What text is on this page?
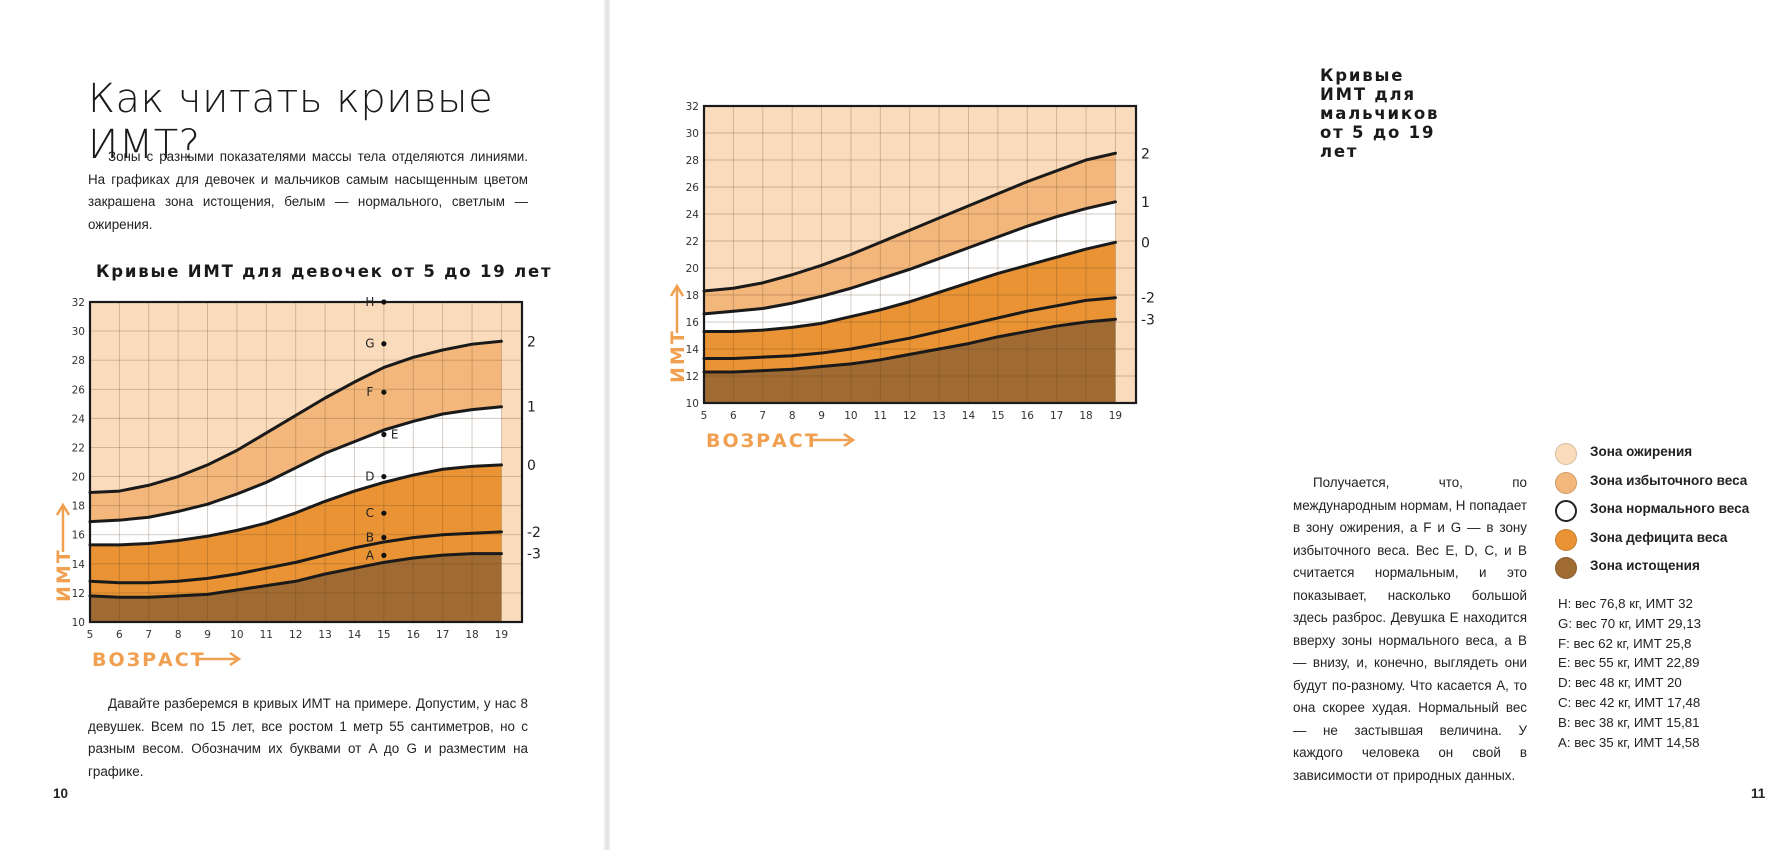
Как читать кривые ИМТ?

Зоны с разными показателями массы тела отделяются линиями. На графиках для девочек и мальчиков самым насыщенным цветом закрашена зона истощения, белым — нормального, светлым — ожирения.

Кривые ИМТ для девочек от 5 до 19 лет

Давайте разберемся в кривых ИМТ на примере. Допустим, у нас 8 девушек. Всем по 15 лет, все ростом 1 метр 55 сантиметров, но с разным весом. Обозначим их буквами от A до G и разместим на графике.

10
Кривые ИМТ для мальчиков от 5 до 19 лет

Получается, что, по международным нормам, H попадает в зону ожирения, а F и G — в зону избыточного веса. Вес E, D, C, и B считается нормальным, и это показывает, насколько большой здесь разброс. Девушка E находится вверху зоны нормального веса, а B — внизу, и, конечно, выглядеть они будут по-разному. Что касается A, то она скорее худая. Нормальный вес — не застывшая величина. У каждого человека он свой в зависимости от природных данных.

Зона ожирения
Зона избыточного веса
Зона нормального веса
Зона дефицита веса
Зона истощения
H: вес 76,8 кг, ИМТ 32
G: вес 70 кг, ИМТ 29,13
F: вес 62 кг, ИМТ 25,8
E: вес 55 кг, ИМТ 22,89
D: вес 48 кг, ИМТ 20
C: вес 42 кг, ИМТ 17,48
B: вес 38 кг, ИМТ 15,81
A: вес 35 кг, ИМТ 14,58
11
2
1
0
-2
-3
10
12
14
16
18
20
22
24
26
28
30
32
5 6 7 8 9 10 11 12 13 14 15 16 17 18 19
ИМТ
ВОЗРАСТ
H
G
F
E
D
C
B
A
2
1
0
-2
-3
10
12
14
16
18
20
22
24
26
28
30
32
5 6 7 8 9 10 11 12 13 14 15 16 17 18 19
ИМТ
ВОЗРАСТ
